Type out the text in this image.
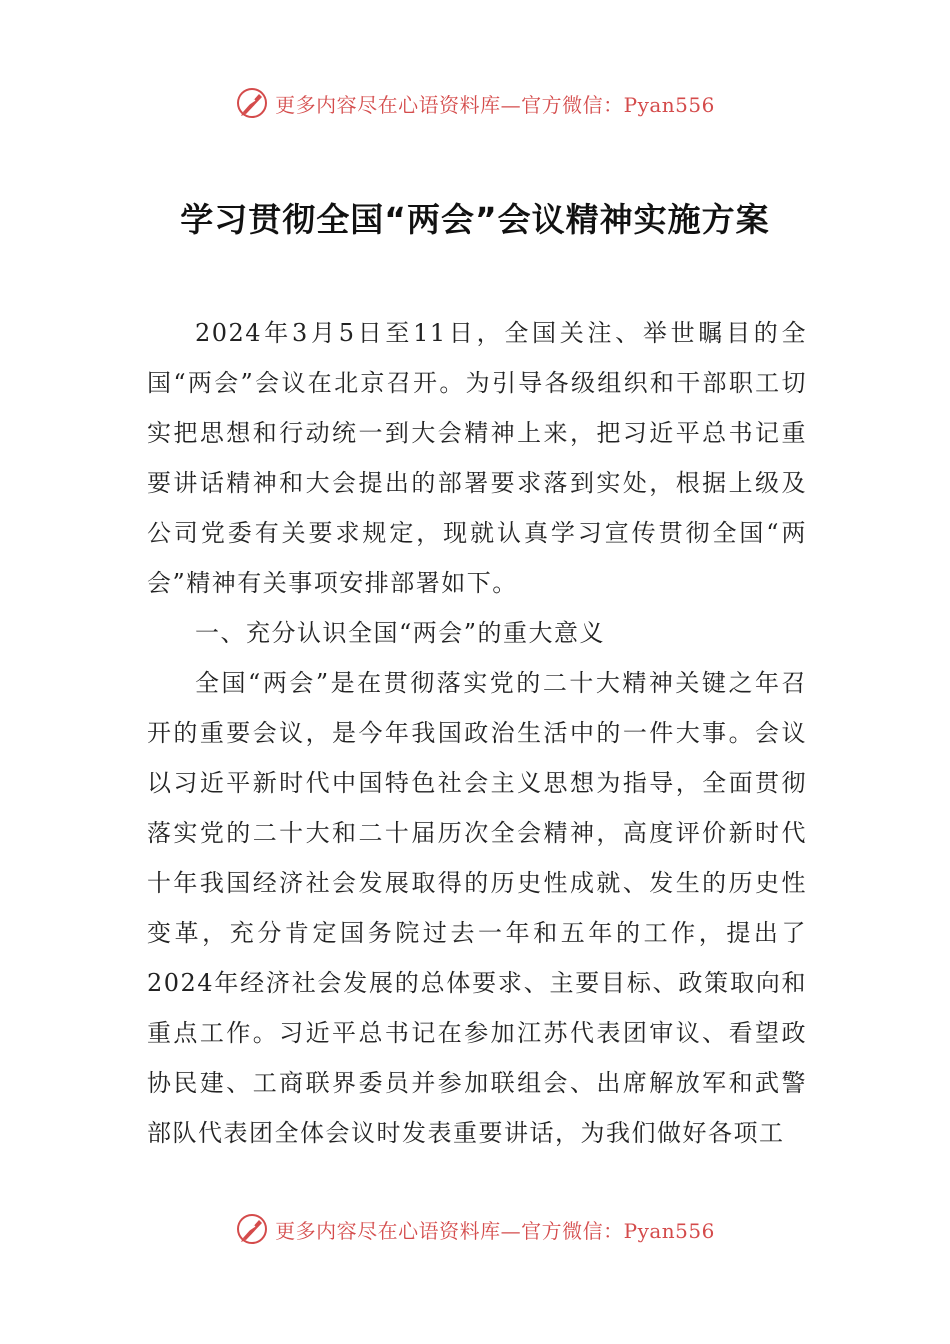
更多内容尽在心语资料库—官方微信：Pyan556
学习贯彻全国“两会”会议精神实施方案

2024年3月5日至11日，全国关注、举世瞩目的全国“两会”会议在北京召开。为引导各级组织和干部职工切实把思想和行动统一到大会精神上来，把习近平总书记重要讲话精神和大会提出的部署要求落到实处，根据上级及公司党委有关要求规定，现就认真学习宣传贯彻全国“两会”精神有关事项安排部署如下。

一、充分认识全国“两会”的重大意义

全国“两会”是在贯彻落实党的二十大精神关键之年召开的重要会议，是今年我国政治生活中的一件大事。会议以习近平新时代中国特色社会主义思想为指导，全面贯彻落实党的二十大和二十届历次全会精神，高度评价新时代十年我国经济社会发展取得的历史性成就、发生的历史性变革，充分肯定国务院过去一年和五年的工作，提出了2024年经济社会发展的总体要求、主要目标、政策取向和重点工作。习近平总书记在参加江苏代表团审议、看望政协民建、工商联界委员并参加联组会、出席解放军和武警部队代表团全体会议时发表重要讲话，为我们做好各项工

更多内容尽在心语资料库—官方微信：Pyan556
